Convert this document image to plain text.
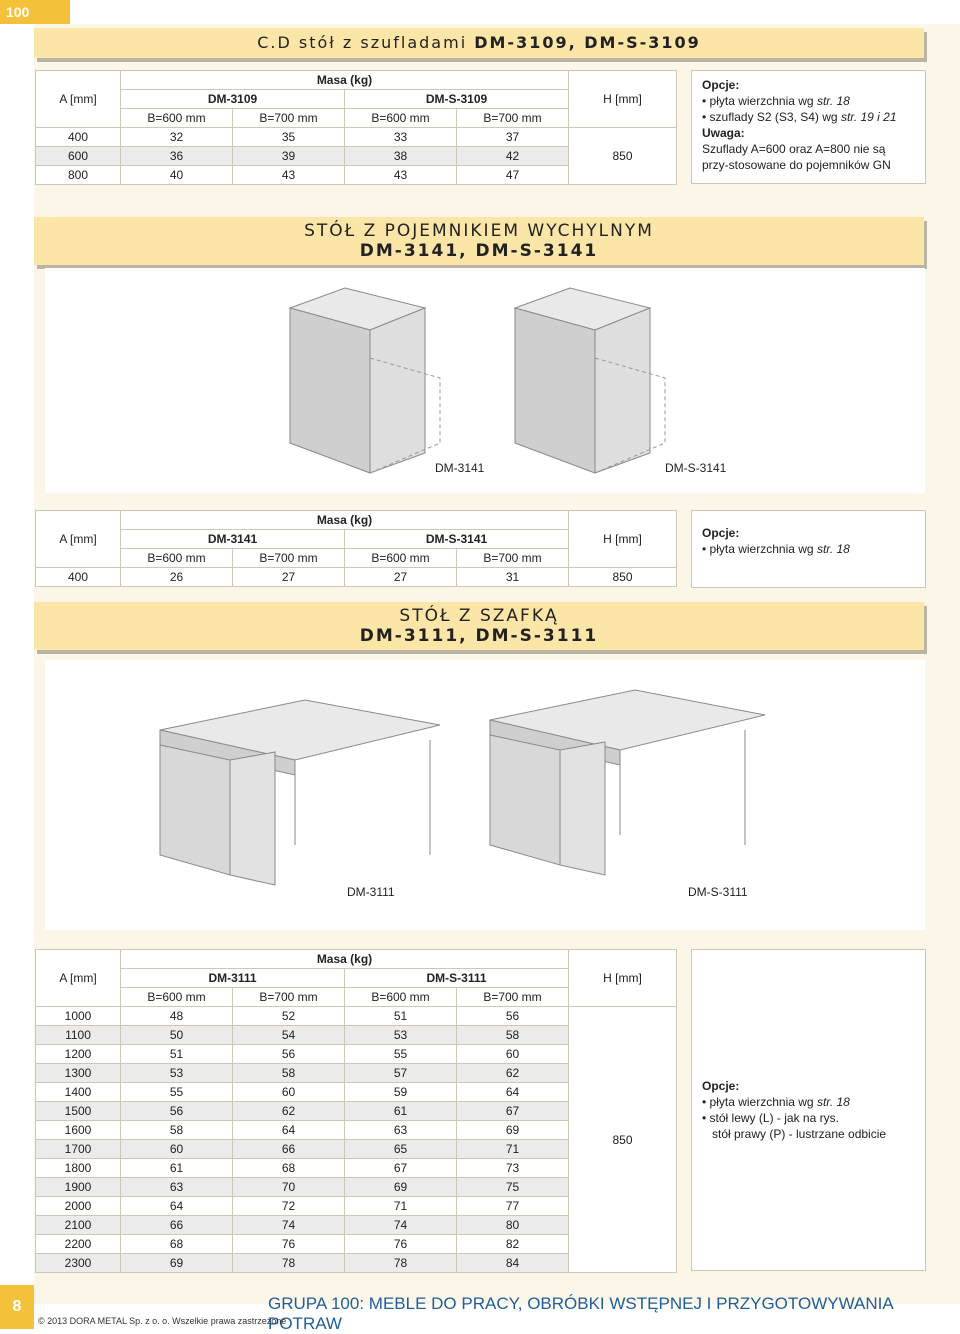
100
C.D stół z szufladami DM-3109, DM-S-3109
A [mm]	Masa (kg)				H [mm]
	DM-3109		DM-S-3109		
	B=600 mm	B=700 mm	B=600 mm	B=700 mm	
400	32	35	33	37	850
600	36	39	38	42	
800	40	43	43	47	
Opcje:
• płyta wierzchnia wg str. 18
• szuflady S2 (S3, S4) wg str. 19 i 21
Uwaga:
Szuflady A=600 oraz A=800 nie są przy-stosowane do pojemników GN
STÓŁ Z POJEMNIKIEM WYCHYLNYM
DM-3141, DM-S-3141
DM-3141	DM-S-3141
A [mm]	Masa (kg)				H [mm]
	DM-3141		DM-S-3141		
	B=600 mm	B=700 mm	B=600 mm	B=700 mm	
400	26	27	27	31	850
Opcje:
• płyta wierzchnia wg str. 18
STÓŁ Z SZAFKĄ
DM-3111, DM-S-3111
DM-3111	DM-S-3111
A [mm]	Masa (kg)				H [mm]
	DM-3111		DM-S-3111		
	B=600 mm	B=700 mm	B=600 mm	B=700 mm	
1000	48	52	51	56	850
1100	50	54	53	58	
1200	51	56	55	60	
1300	53	58	57	62	
1400	55	60	59	64	
1500	56	62	61	67	
1600	58	64	63	69	
1700	60	66	65	71	
1800	61	68	67	73	
1900	63	70	69	75	
2000	64	72	71	77	
2100	66	74	74	80	
2200	68	76	76	82	
2300	69	78	78	84	
Opcje:
• płyta wierzchnia wg str. 18
• stół lewy (L) - jak na rys.
stół prawy (P) - lustrzane odbicie
8	GRUPA 100: MEBLE DO PRACY, OBRÓBKI WSTĘPNEJ I PRZYGOTOWYWANIA POTRAW
© 2013 DORA METAL Sp. z o. o. Wszelkie prawa zastrzeżone
